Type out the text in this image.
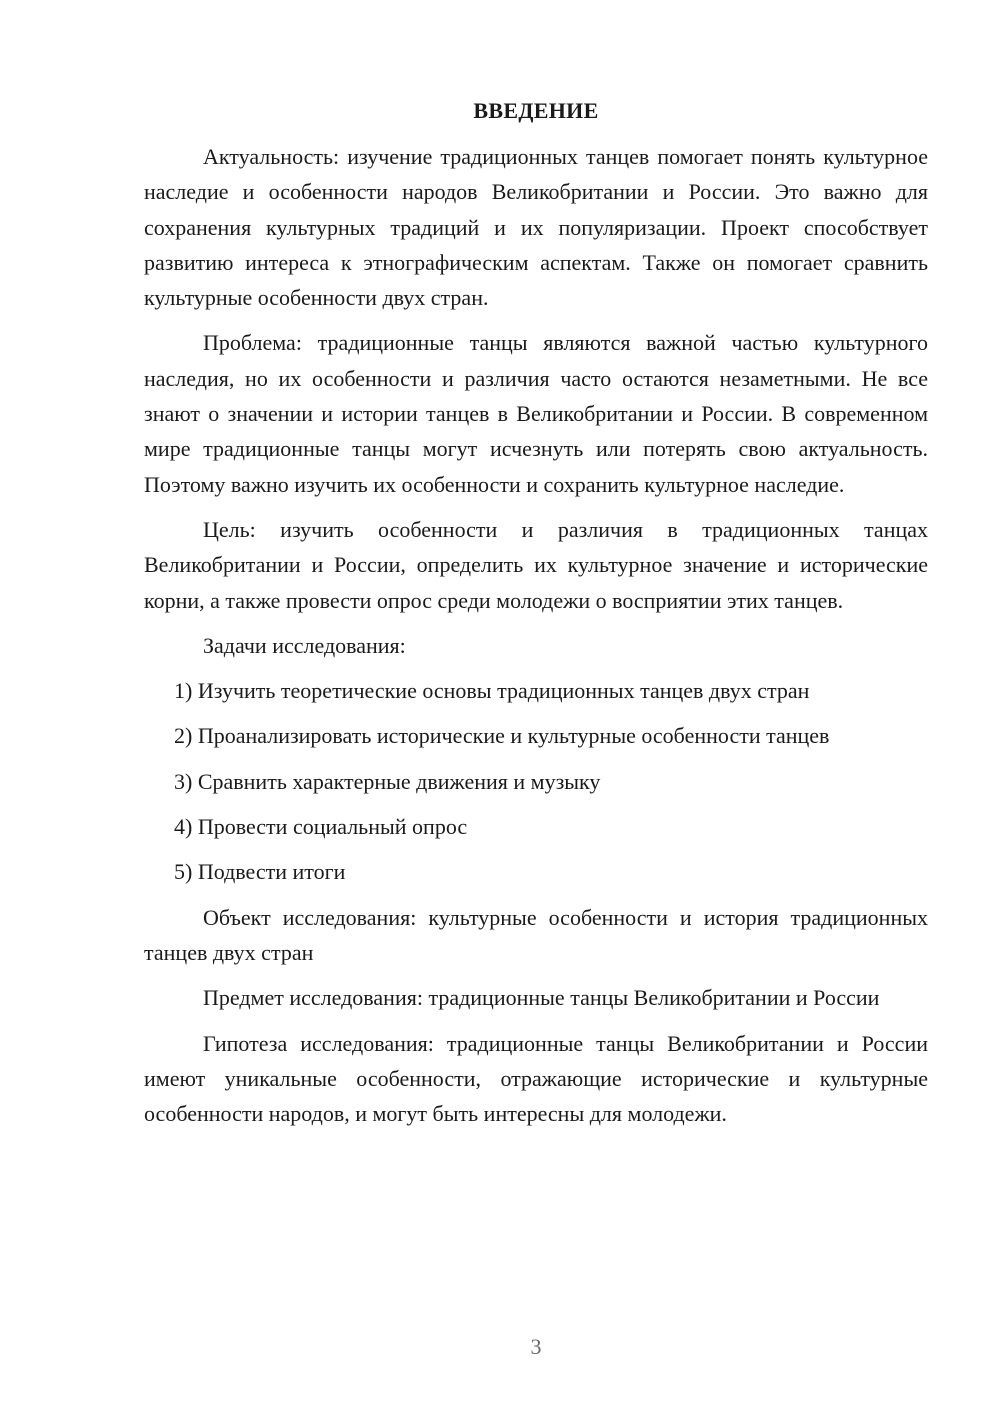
ВВЕДЕНИЕ

Актуальность: изучение традиционных танцев помогает понять культурное наследие и особенности народов Великобритании и России. Это важно для сохранения культурных традиций и их популяризации. Проект способствует развитию интереса к этнографическим аспектам. Также он помогает сравнить культурные особенности двух стран.

Проблема: традиционные танцы являются важной частью культурного наследия, но их особенности и различия часто остаются незаметными. Не все знают о значении и истории танцев в Великобритании и России. В современном мире традиционные танцы могут исчезнуть или потерять свою актуальность. Поэтому важно изучить их особенности и сохранить культурное наследие.

Цель: изучить особенности и различия в традиционных танцах Великобритании и России, определить их культурное значение и исторические корни, а также провести опрос среди молодежи о восприятии этих танцев.

Задачи исследования:

1) Изучить теоретические основы традиционных танцев двух стран
2) Проанализировать исторические и культурные особенности танцев
3) Сравнить характерные движения и музыку
4) Провести социальный опрос
5) Подвести итоги

Объект исследования: культурные особенности и история традиционных танцев двух стран

Предмет исследования: традиционные танцы Великобритании и России

Гипотеза исследования: традиционные танцы Великобритании и России имеют уникальные особенности, отражающие исторические и культурные особенности народов, и могут быть интересны для молодежи.

3
